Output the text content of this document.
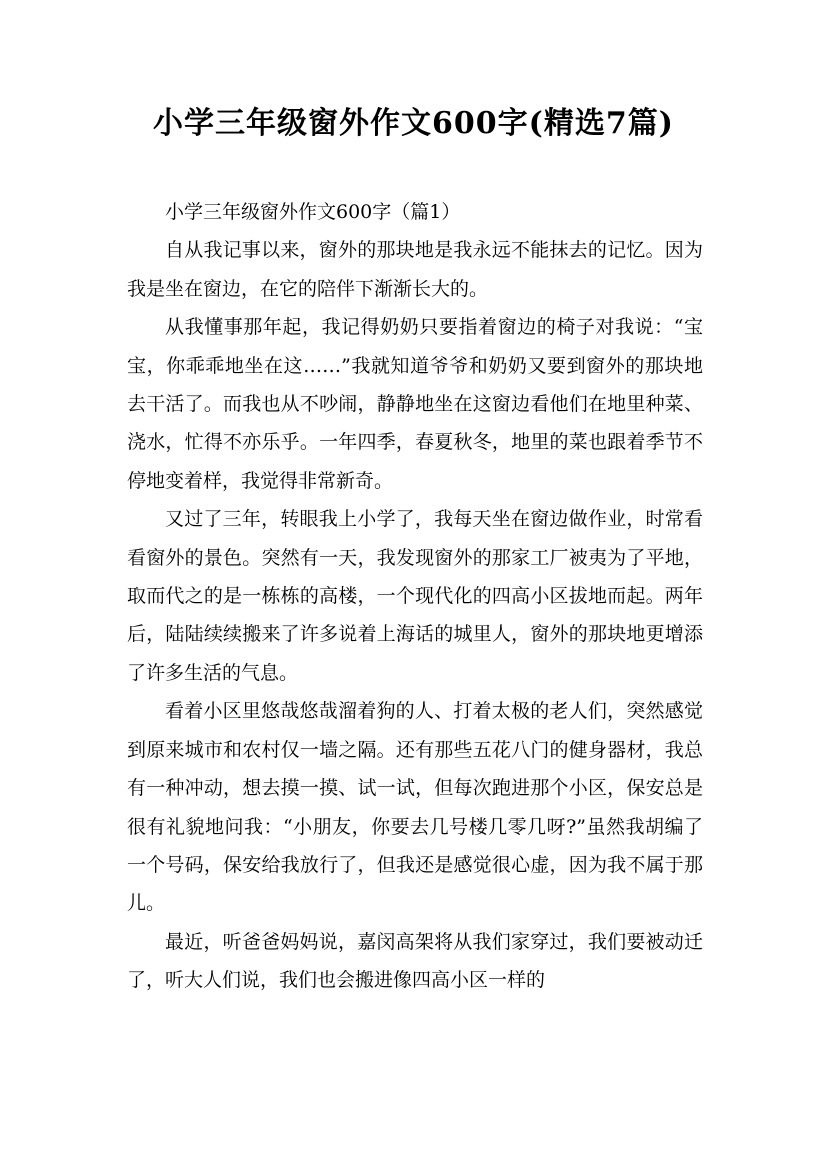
小学三年级窗外作文600字(精选7篇)

小学三年级窗外作文600字（篇1）

自从我记事以来，窗外的那块地是我永远不能抹去的记忆。因为我是坐在窗边，在它的陪伴下渐渐长大的。

从我懂事那年起，我记得奶奶只要指着窗边的椅子对我说：“宝宝，你乖乖地坐在这……”我就知道爷爷和奶奶又要到窗外的那块地去干活了。而我也从不吵闹，静静地坐在这窗边看他们在地里种菜、浇水，忙得不亦乐乎。一年四季，春夏秋冬，地里的菜也跟着季节不停地变着样，我觉得非常新奇。

又过了三年，转眼我上小学了，我每天坐在窗边做作业，时常看看窗外的景色。突然有一天，我发现窗外的那家工厂被夷为了平地，取而代之的是一栋栋的高楼，一个现代化的四高小区拔地而起。两年后，陆陆续续搬来了许多说着上海话的城里人，窗外的那块地更增添了许多生活的气息。

看着小区里悠哉悠哉溜着狗的人、打着太极的老人们，突然感觉到原来城市和农村仅一墙之隔。还有那些五花八门的健身器材，我总有一种冲动，想去摸一摸、试一试，但每次跑进那个小区，保安总是很有礼貌地问我：“小朋友，你要去几号楼几零几呀?”虽然我胡编了一个号码，保安给我放行了，但我还是感觉很心虚，因为我不属于那儿。

最近，听爸爸妈妈说，嘉闵高架将从我们家穿过，我们要被动迁了，听大人们说，我们也会搬进像四高小区一样的
